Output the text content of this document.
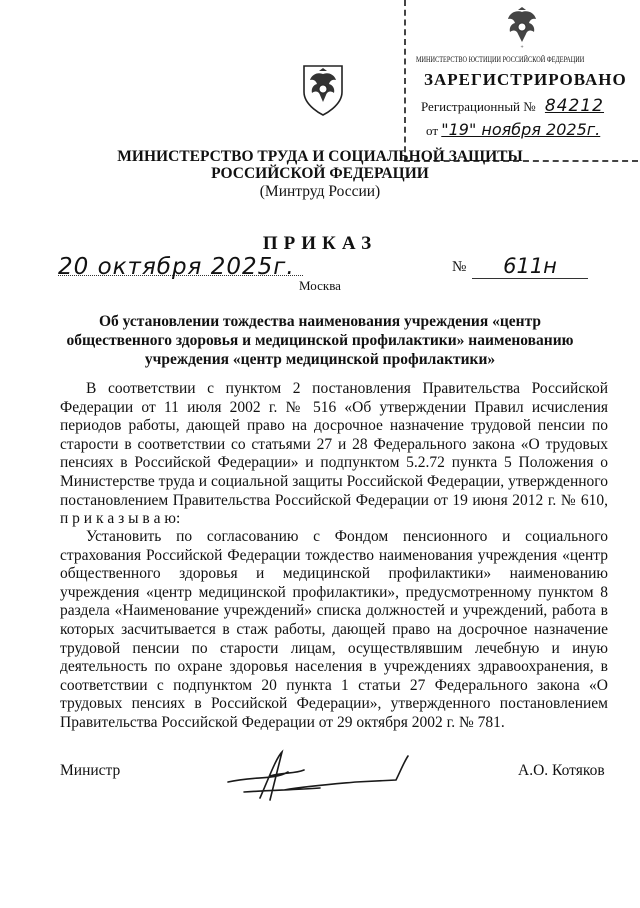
+
МИНИСТЕРСТВО ЮСТИЦИИ РОССИЙСКОЙ ФЕДЕРАЦИИ
ЗАРЕГИСТРИРОВАНО
Регистрационный № 84212
от "19" ноября 2025г.
МИНИСТЕРСТВО ТРУДА И СОЦИАЛЬНОЙ ЗАЩИТЫ
РОССИЙСКОЙ ФЕДЕРАЦИИ
(Минтруд России)
ПРИКАЗ
20 октября 2025г.	№	611н
Москва
Об установлении тождества наименования учреждения «центр
общественного здоровья и медицинской профилактики» наименованию
учреждения «центр медицинской профилактики»
В соответствии с пунктом 2 постановления Правительства Российской Федерации от 11 июля 2002 г. № 516 «Об утверждении Правил исчисления периодов работы, дающей право на досрочное назначение трудовой пенсии по старости в соответствии со статьями 27 и 28 Федерального закона «О трудовых пенсиях в Российской Федерации» и подпунктом 5.2.72 пункта 5 Положения о Министерстве труда и социальной защиты Российской Федерации, утвержденного постановлением Правительства Российской Федерации от 19 июня 2012 г. № 610, п р и к а з ы в а ю:
Установить по согласованию с Фондом пенсионного и социального страхования Российской Федерации тождество наименования учреждения «центр общественного здоровья и медицинской профилактики» наименованию учреждения «центр медицинской профилактики», предусмотренному пунктом 8 раздела «Наименование учреждений» списка должностей и учреждений, работа в которых засчитывается в стаж работы, дающей право на досрочное назначение трудовой пенсии по старости лицам, осуществлявшим лечебную и иную деятельность по охране здоровья населения в учреждениях здравоохранения, в соответствии с подпунктом 20 пункта 1 статьи 27 Федерального закона «О трудовых пенсиях в Российской Федерации», утвержденного постановлением Правительства Российской Федерации от 29 октября 2002 г. № 781.
Министр	А.О. Котяков
